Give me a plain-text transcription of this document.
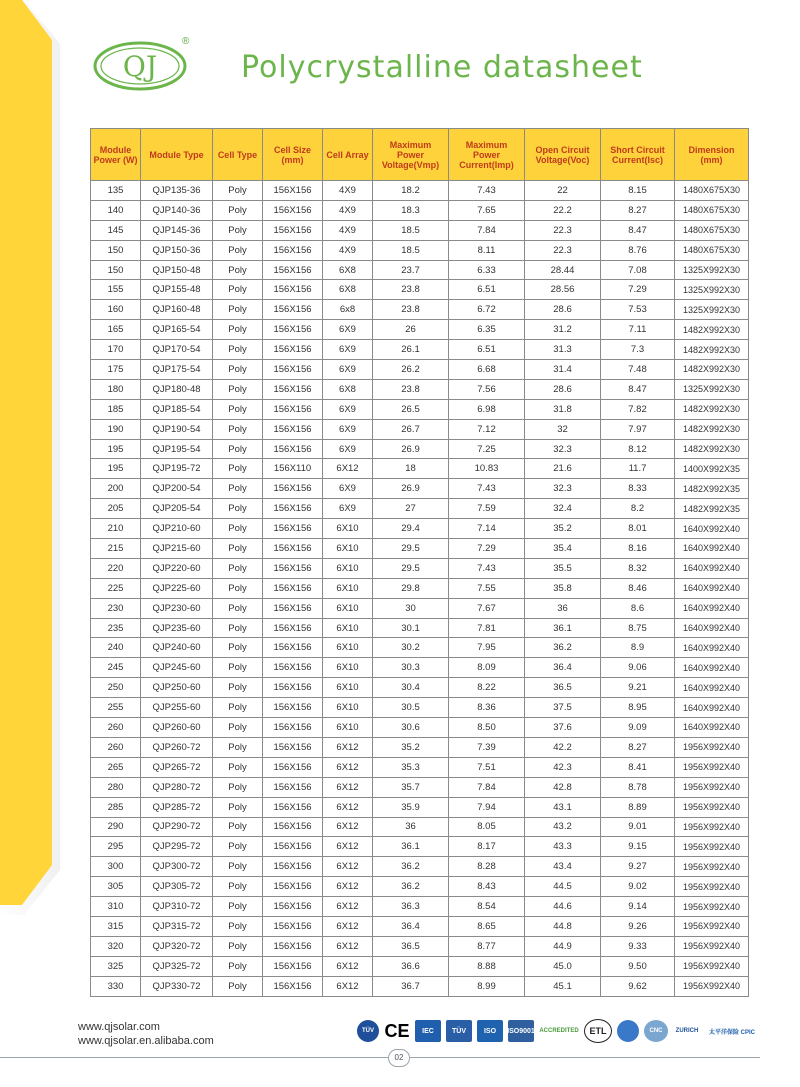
QJ
®
Polycrystalline datasheet
Module Power (W)	Module Type	Cell Type	Cell Size (mm)	Cell Array	Maximum Power Voltage(Vmp)	Maximum Power Current(Imp)	Open Circuit Voltage(Voc)	Short Circuit Current(Isc)	Dimension (mm)
135	QJP135-36	Poly	156X156	4X9	18.2	7.43	22	8.15	1480X675X30
140	QJP140-36	Poly	156X156	4X9	18.3	7.65	22.2	8.27	1480X675X30
145	QJP145-36	Poly	156X156	4X9	18.5	7.84	22.3	8.47	1480X675X30
150	QJP150-36	Poly	156X156	4X9	18.5	8.11	22.3	8.76	1480X675X30
150	QJP150-48	Poly	156X156	6X8	23.7	6.33	28.44	7.08	1325X992X30
155	QJP155-48	Poly	156X156	6X8	23.8	6.51	28.56	7.29	1325X992X30
160	QJP160-48	Poly	156X156	6x8	23.8	6.72	28.6	7.53	1325X992X30
165	QJP165-54	Poly	156X156	6X9	26	6.35	31.2	7.11	1482X992X30
170	QJP170-54	Poly	156X156	6X9	26.1	6.51	31.3	7.3	1482X992X30
175	QJP175-54	Poly	156X156	6X9	26.2	6.68	31.4	7.48	1482X992X30
180	QJP180-48	Poly	156X156	6X8	23.8	7.56	28.6	8.47	1325X992X30
185	QJP185-54	Poly	156X156	6X9	26.5	6.98	31.8	7.82	1482X992X30
190	QJP190-54	Poly	156X156	6X9	26.7	7.12	32	7.97	1482X992X30
195	QJP195-54	Poly	156X156	6X9	26.9	7.25	32.3	8.12	1482X992X30
195	QJP195-72	Poly	156X110	6X12	18	10.83	21.6	11.7	1400X992X35
200	QJP200-54	Poly	156X156	6X9	26.9	7.43	32.3	8.33	1482X992X35
205	QJP205-54	Poly	156X156	6X9	27	7.59	32.4	8.2	1482X992X35
210	QJP210-60	Poly	156X156	6X10	29.4	7.14	35.2	8.01	1640X992X40
215	QJP215-60	Poly	156X156	6X10	29.5	7.29	35.4	8.16	1640X992X40
220	QJP220-60	Poly	156X156	6X10	29.5	7.43	35.5	8.32	1640X992X40
225	QJP225-60	Poly	156X156	6X10	29.8	7.55	35.8	8.46	1640X992X40
230	QJP230-60	Poly	156X156	6X10	30	7.67	36	8.6	1640X992X40
235	QJP235-60	Poly	156X156	6X10	30.1	7.81	36.1	8.75	1640X992X40
240	QJP240-60	Poly	156X156	6X10	30.2	7.95	36.2	8.9	1640X992X40
245	QJP245-60	Poly	156X156	6X10	30.3	8.09	36.4	9.06	1640X992X40
250	QJP250-60	Poly	156X156	6X10	30.4	8.22	36.5	9.21	1640X992X40
255	QJP255-60	Poly	156X156	6X10	30.5	8.36	37.5	8.95	1640X992X40
260	QJP260-60	Poly	156X156	6X10	30.6	8.50	37.6	9.09	1640X992X40
260	QJP260-72	Poly	156X156	6X12	35.2	7.39	42.2	8.27	1956X992X40
265	QJP265-72	Poly	156X156	6X12	35.3	7.51	42.3	8.41	1956X992X40
280	QJP280-72	Poly	156X156	6X12	35.7	7.84	42.8	8.78	1956X992X40
285	QJP285-72	Poly	156X156	6X12	35.9	7.94	43.1	8.89	1956X992X40
290	QJP290-72	Poly	156X156	6X12	36	8.05	43.2	9.01	1956X992X40
295	QJP295-72	Poly	156X156	6X12	36.1	8.17	43.3	9.15	1956X992X40
300	QJP300-72	Poly	156X156	6X12	36.2	8.28	43.4	9.27	1956X992X40
305	QJP305-72	Poly	156X156	6X12	36.2	8.43	44.5	9.02	1956X992X40
310	QJP310-72	Poly	156X156	6X12	36.3	8.54	44.6	9.14	1956X992X40
315	QJP315-72	Poly	156X156	6X12	36.4	8.65	44.8	9.26	1956X992X40
320	QJP320-72	Poly	156X156	6X12	36.5	8.77	44.9	9.33	1956X992X40
325	QJP325-72	Poly	156X156	6X12	36.6	8.88	45.0	9.50	1956X992X40
330	QJP330-72	Poly	156X156	6X12	36.7	8.99	45.1	9.62	1956X992X40
www.qjsolar.com
www.qjsolar.en.alibaba.com
TÜV CE	IEC	TÜV	ISO	ISO9001 ACCREDITED	ETL	CNC	ZURICH	太平洋保险 CPIC
02
